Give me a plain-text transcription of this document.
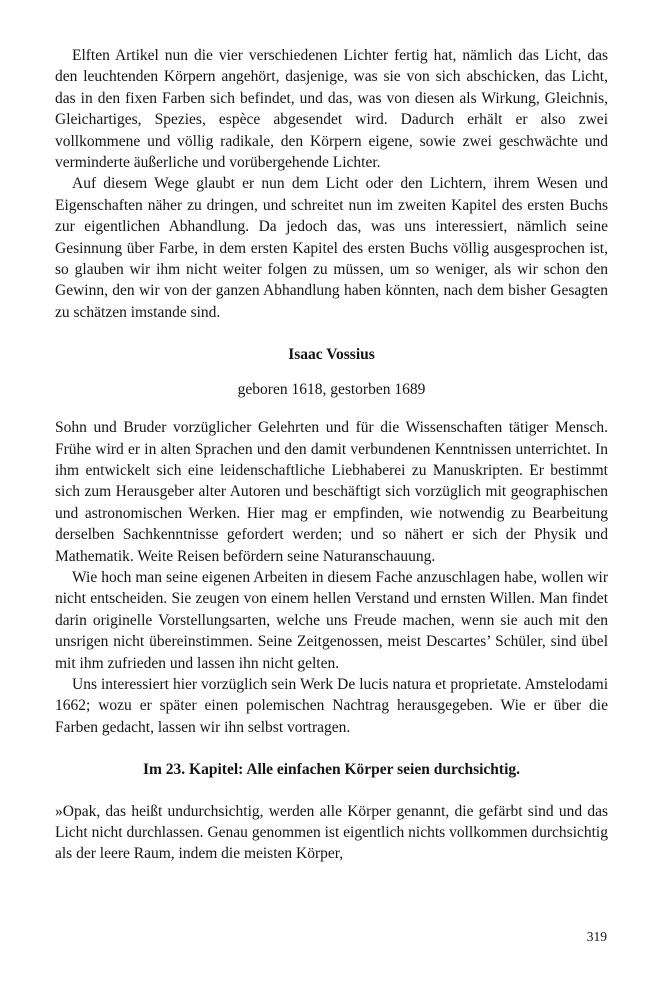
Elften Artikel nun die vier verschiedenen Lichter fertig hat, nämlich das Licht, das den leuchtenden Körpern angehört, dasjenige, was sie von sich abschicken, das Licht, das in den fixen Farben sich befindet, und das, was von diesen als Wirkung, Gleichnis, Gleichartiges, Spezies, espèce abgesendet wird. Dadurch erhält er also zwei vollkommene und völlig radikale, den Körpern eigene, sowie zwei geschwächte und verminderte äußerliche und vorübergehende Lichter.

Auf diesem Wege glaubt er nun dem Licht oder den Lichtern, ihrem Wesen und Eigenschaften näher zu dringen, und schreitet nun im zweiten Kapitel des ersten Buchs zur eigentlichen Abhandlung. Da jedoch das, was uns interessiert, nämlich seine Gesinnung über Farbe, in dem ersten Kapitel des ersten Buchs völlig ausgesprochen ist, so glauben wir ihm nicht weiter folgen zu müssen, um so weniger, als wir schon den Gewinn, den wir von der ganzen Abhandlung haben könnten, nach dem bisher Gesagten zu schätzen imstande sind.

Isaac Vossius
geboren 1618, gestorben 1689

Sohn und Bruder vorzüglicher Gelehrten und für die Wissenschaften tätiger Mensch. Frühe wird er in alten Sprachen und den damit verbundenen Kenntnissen unterrichtet. In ihm entwickelt sich eine leidenschaftliche Liebhaberei zu Manuskripten. Er bestimmt sich zum Herausgeber alter Autoren und beschäftigt sich vorzüglich mit geographischen und astronomischen Werken. Hier mag er empfinden, wie notwendig zu Bearbeitung derselben Sachkenntnisse gefordert werden; und so nähert er sich der Physik und Mathematik. Weite Reisen befördern seine Naturanschauung.

Wie hoch man seine eigenen Arbeiten in diesem Fache anzuschlagen habe, wollen wir nicht entscheiden. Sie zeugen von einem hellen Verstand und ernsten Willen. Man findet darin originelle Vorstellungsarten, welche uns Freude machen, wenn sie auch mit den unsrigen nicht übereinstimmen. Seine Zeitgenossen, meist Descartes’ Schüler, sind übel mit ihm zufrieden und lassen ihn nicht gelten.

Uns interessiert hier vorzüglich sein Werk De lucis natura et proprietate. Amstelodami 1662; wozu er später einen polemischen Nachtrag herausgegeben. Wie er über die Farben gedacht, lassen wir ihn selbst vortragen.

Im 23. Kapitel: Alle einfachen Körper seien durchsichtig.

»Opak, das heißt undurchsichtig, werden alle Körper genannt, die gefärbt sind und das Licht nicht durchlassen. Genau genommen ist eigentlich nichts vollkommen durchsichtig als der leere Raum, indem die meisten Körper,

319
